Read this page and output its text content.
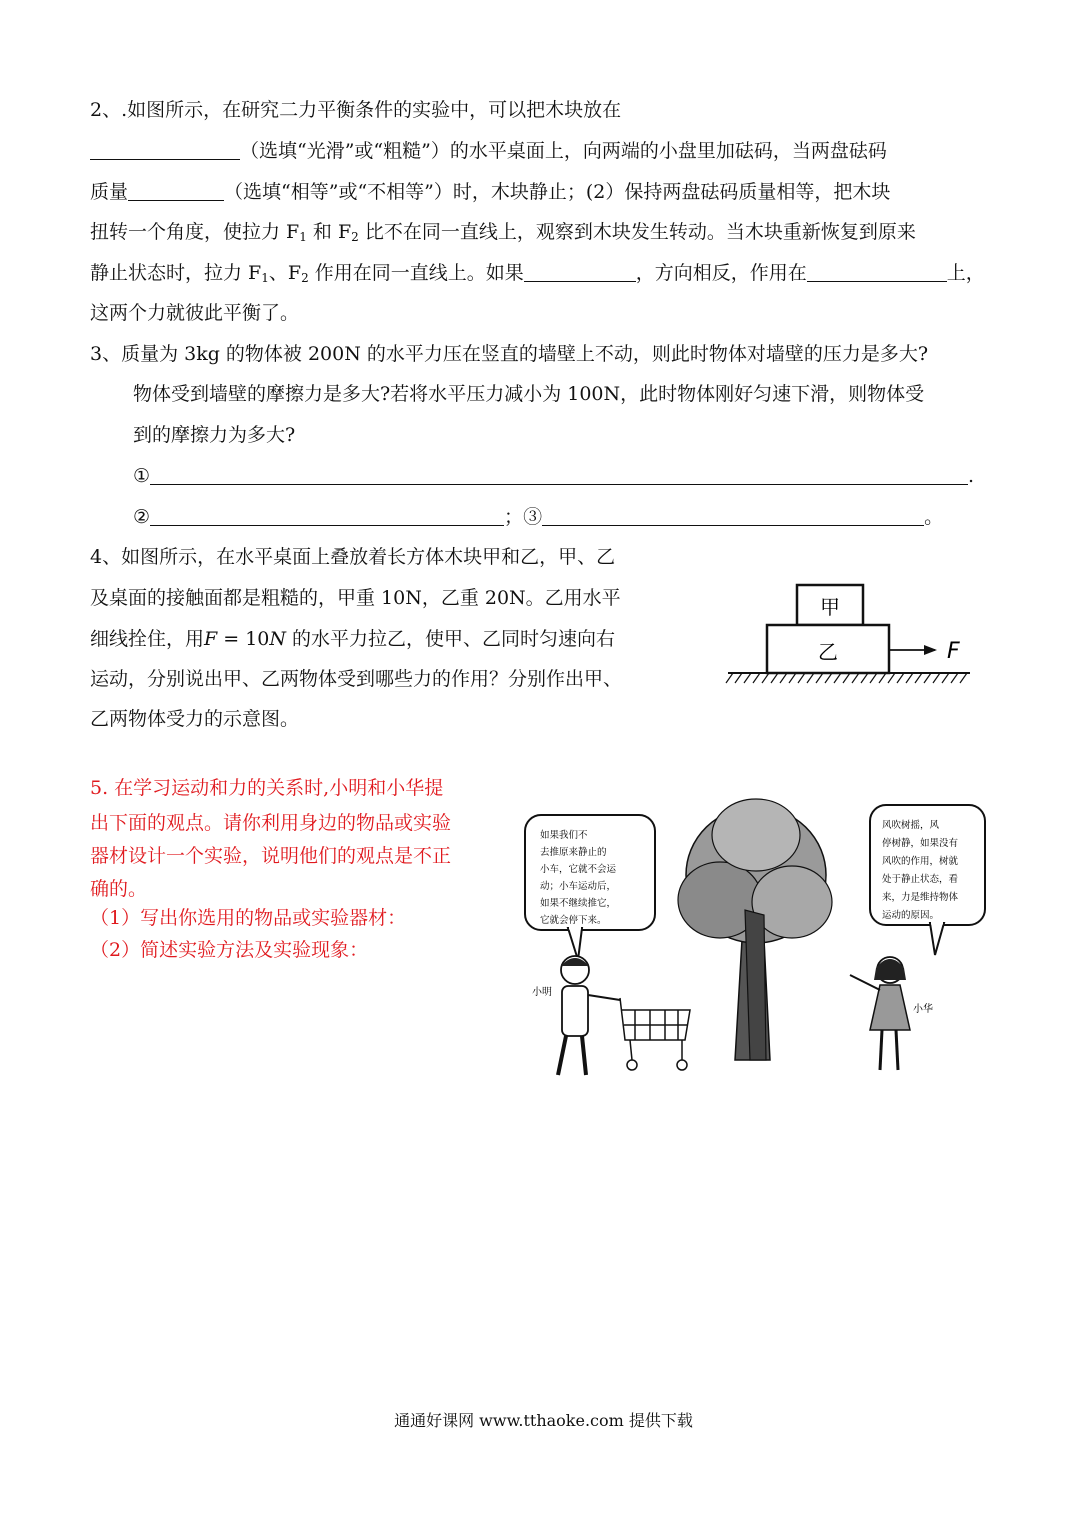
2、.如图所示，在研究二力平衡条件的实验中，可以把木块放在
（选填“光滑”或“粗糙”）的水平桌面上，向两端的小盘里加砝码，当两盘砝码
质量	（选填“相等”或“不相等”）时，木块静止；(2）保持两盘砝码质量相等，把木块
扭转一个角度，使拉力 $F_1$ 和 $F_2$ 比不在同一直线上，观察到木块发生转动。当木块重新恢复到原来
静止状态时，拉力 $F_1$、$F_2$ 作用在同一直线上。如果	，方向相反，作用在	上，
这两个力就彼此平衡了。
3、质量为 3kg 的物体被 200N 的水平力压在竖直的墙壁上不动，则此时物体对墙壁的压力是多大?
物体受到墙壁的摩擦力是多大?若将水平压力减小为 100N，此时物体刚好匀速下滑，则物体受
到的摩擦力为多大?
①	.
②	；③	。
4、如图所示，在水平桌面上叠放着长方体木块甲和乙，甲、乙
及桌面的接触面都是粗糙的，甲重 10N，乙重 20N。乙用水平
细线拴住，用F = 10N 的水平力拉乙，使甲、乙同时匀速向右
运动，分别说出甲、乙两物体受到哪些力的作用？分别作出甲、
乙两物体受力的示意图。
甲
乙	F
5. 在学习运动和力的关系时,小明和小华提
出下面的观点。请你利用身边的物品或实验
器材设计一个实验，说明他们的观点是不正
确的。
（1）写出你选用的物品或实验器材：
（2）简述实验方法及实验现象：
如果我们不
去推原来静止的
小车，它就不会运
动；小车运动后，
如果不继续推它，
它就会停下来。
风吹树摇，风
停树静，如果没有
风吹的作用，树就
处于静止状态，看
来，力是维持物体
运动的原因。
小明
小华
通通好课网 www.tthaoke.com 提供下载
